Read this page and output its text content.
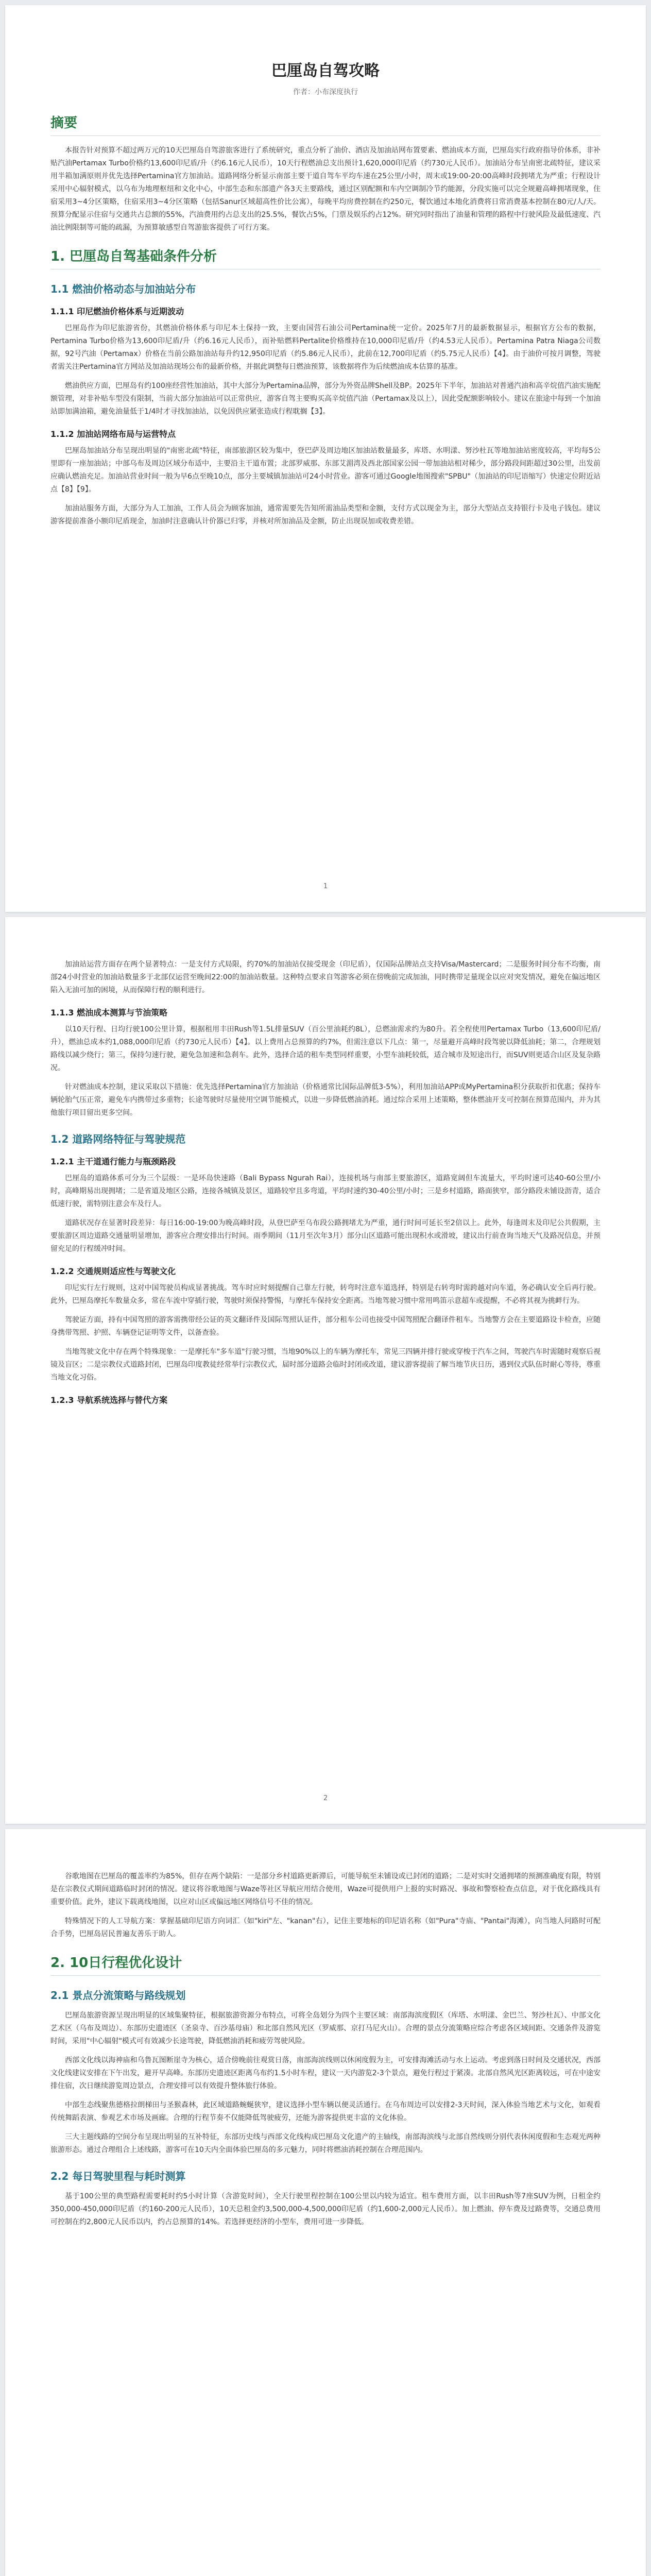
巴厘岛自驾攻略
作者：小布深度执行
摘要

本报告针对预算不超过两万元的10天巴厘岛自驾游旅客进行了系统研究，重点分析了油价、酒店及加油站网布置要素、燃油成本方面，巴厘岛实行政府指导价体系，非补贴汽油Pertamax Turbo价格约13,600印尼盾/升（约6.16元人民币），10天行程燃油总支出预计1,620,000印尼盾（约730元人民币）。加油站分布呈南密北疏特征，建议采用半箱加满原则并优先选择Pertamina官方加油站。道路网络分析显示南部主要干道自驾车平均车速在25公里/小时，周末或19:00-20:00高峰时段拥堵尤为严重；行程设计采用中心辐射模式，以乌布为地理枢纽和文化中心，中部生态和东部遗产各3天主要路线，通过区别配额和车内空调制冷节约能源，分段实施可以完全规避高峰拥堵现象，住宿采用3~4分区策略，住宿采用3~4分区策略（包括Sanur区域超高性价比公寓），每晚平均房费控制在约250元，餐饮通过本地化消费将日常消费基本控制在80元/人/天。预算分配显示住宿与交通共占总额的55%，汽油费用约占总支出的25.5%，餐饮占5%，门票及娱乐约占12%。研究同时指出了油量和管理的路程中行驶风险及最低速度、汽油比例限制等可能的疏漏，为预算敏感型自驾游旅客提供了可行方案。

1. 巴厘岛自驾基础条件分析
1.1 燃油价格动态与加油站分布
1.1.1 印尼燃油价格体系与近期波动

巴厘岛作为印尼旅游省份，其燃油价格体系与印尼本土保持一致，主要由国营石油公司Pertamina统一定价。2025年7月的最新数据显示，根据官方公布的数据，Pertamina Turbo价格为13,600印尼盾/升（约6.16元人民币），而补贴燃料Pertalite价格维持在10,000印尼盾/升（约4.53元人民币）。Pertamina Patra Niaga公司数据，92号汽油（Pertamax）价格在当前公路加油站每升约12,950印尼盾（约5.86元人民币），此前在12,700印尼盾（约5.75元人民币）【4】。由于油价可按月调整，驾驶者需关注Pertamina官方网站及加油站现场公布的最新价格，并据此调整每日燃油预算，该数据将作为后续燃油成本估算的基准。

燃油供应方面，巴厘岛有约100座经营性加油站，其中大部分为Pertamina品牌，部分为外资品牌Shell及BP。2025年下半年，加油站对普通汽油和高辛烷值汽油实施配额管理，对非补贴车型没有限制，当前大部分加油站可以正常供应，游客自驾主要购买高辛烷值汽油（Pertamax及以上），因此受配额影响较小。建议在旅途中每到一个加油站即加满油箱，避免油量低于1/4时才寻找加油站，以免因供应紧张造成行程耽搁【3】。

1.1.2 加油站网络布局与运营特点

巴厘岛加油站分布呈现出明显的"南密北疏"特征，南部旅游区较为集中，登巴萨及周边地区加油站数量最多，库塔、水明漾、努沙杜瓦等地加油站密度较高，平均每5公里即有一座加油站；中部乌布及周边区域分布适中，主要沿主干道布置；北部罗威那、东部艾湄湾及西北部国家公园一带加油站相对稀少，部分路段间距超过30公里，出发前应确认燃油充足。加油站营业时间一般为早6点至晚10点，部分主要城镇加油站可24小时营业。游客可通过Google地图搜索"SPBU"（加油站的印尼语缩写）快速定位附近站点【8】【9】。

加油站服务方面，大部分为人工加油，工作人员会为顾客加油，通常需要先告知所需油品类型和金额，支付方式以现金为主，部分大型站点支持银行卡及电子钱包。建议游客提前准备小额印尼盾现金，加油时注意确认计价器已归零，并核对所加油品及金额，防止出现误加或收费差错。

1

加油站运营方面存在两个显著特点：一是支付方式局限，约70%的加油站仅接受现金（印尼盾），仅国际品牌站点支持Visa/Mastercard；二是服务时间分布不均衡，南部24小时营业的加油站数量多于北部仅运营至晚间22:00的加油站数量。这种特点要求自驾游客必须在傍晚前完成加油，同时携带足量现金以应对突发情况，避免在偏远地区陷入无油可加的困境，从而保障行程的顺利进行。

1.1.3 燃油成本测算与节油策略

以10天行程、日均行驶100公里计算，根据租用丰田Rush等1.5L排量SUV（百公里油耗约8L），总燃油需求约为80升。若全程使用Pertamax Turbo（13,600印尼盾/升），燃油总成本约1,088,000印尼盾（约730元人民币）【4】。以上费用占总预算的约7%，但需注意以下几点：第一，尽量避开高峰时段驾驶以降低油耗；第二，合理规划路线以减少绕行；第三，保持匀速行驶，避免急加速和急刹车。此外，选择合适的租车类型同样重要，小型车油耗较低，适合城市及短途出行，而SUV则更适合山区及复杂路况。

针对燃油成本控制，建议采取以下措施：优先选择Pertamina官方加油站（价格通常比国际品牌低3-5%），利用加油站APP或MyPertamina积分获取折扣优惠；保持车辆轮胎气压正常，避免车内携带过多重物；长途驾驶时尽量使用空调节能模式，以进一步降低燃油消耗。通过综合采用上述策略，整体燃油开支可控制在预算范围内，并为其他旅行项目留出更多空间。

1.2 道路网络特征与驾驶规范
1.2.1 主干道通行能力与瓶颈路段

巴厘岛的道路体系可分为三个层级：一是环岛快速路（Bali Bypass Ngurah Rai），连接机场与南部主要旅游区，道路宽阔但车流量大，平均时速可达40-60公里/小时，高峰期易出现拥堵；二是省道及地区公路，连接各城镇及景区，道路较窄且多弯道，平均时速约30-40公里/小时；三是乡村道路，路面狭窄，部分路段未铺设沥青，适合低速行驶，需特别注意会车及行人。

道路状况存在显著时段差异：每日16:00-19:00为晚高峰时段，从登巴萨至乌布段公路拥堵尤为严重，通行时间可延长至2倍以上。此外，每逢周末及印尼公共假期，主要旅游区周边道路交通量明显增加，游客应合理安排出行时间。雨季期间（11月至次年3月）部分山区道路可能出现积水或滑坡，建议出行前查询当地天气及路况信息，并预留充足的行程缓冲时间。

1.2.2 交通规则适应性与驾驶文化

印尼实行左行规则，这对中国驾驶员构成显著挑战。驾车时应时刻提醒自己靠左行驶，转弯时注意车道选择，特别是右转弯时需跨越对向车道，务必确认安全后再行驶。此外，巴厘岛摩托车数量众多，常在车流中穿插行驶，驾驶时须保持警惕，与摩托车保持安全距离。当地驾驶习惯中常用鸣笛示意超车或提醒，不必将其视为挑衅行为。

驾驶证方面，持有中国驾照的游客需携带经公证的英文翻译件及国际驾照认证件，部分租车公司也接受中国驾照配合翻译件租车。当地警方会在主要道路设卡检查，应随身携带驾照、护照、车辆登记证明等文件，以备查验。

当地驾驶文化中存在两个特殊现象：一是摩托车"多车道"行驶习惯，当地90%以上的车辆为摩托车，常见三四辆并排行驶或穿梭于汽车之间，驾驶汽车时需随时观察后视镜及盲区；二是宗教仪式道路封闭，巴厘岛印度教徒经常举行宗教仪式，届时部分道路会临时封闭或改道，建议游客提前了解当地节庆日历，遇到仪式队伍时耐心等待，尊重当地文化习俗。

1.2.3 导航系统选择与替代方案
2

谷歌地图在巴厘岛的覆盖率约为85%，但存在两个缺陷：一是部分乡村道路更新滞后，可能导航至未铺设或已封闭的道路；二是对实时交通拥堵的预测准确度有限，特别是在宗教仪式期间道路临时封闭的情况。建议将谷歌地图与Waze等社区导航应用结合使用，Waze可提供用户上报的实时路况、事故和警察检查点信息，对于优化路线具有重要价值。此外，建议下载离线地图，以应对山区或偏远地区网络信号不佳的情况。

特殊情况下的人工导航方案：掌握基础印尼语方向词汇（如"kiri"左、"kanan"右），记住主要地标的印尼语名称（如"Pura"寺庙、"Pantai"海滩），向当地人问路时可配合手势，巴厘岛居民普遍友善乐于助人。

2. 10日行程优化设计
2.1 景点分流策略与路线规划

巴厘岛旅游资源呈现出明显的区域集聚特征，根据旅游资源分布特点，可将全岛划分为四个主要区域：南部海滨度假区（库塔、水明漾、金巴兰、努沙杜瓦）、中部文化艺术区（乌布及周边）、东部历史遗迹区（圣泉寺、百沙基母庙）和北部自然风光区（罗威那、京打马尼火山）。合理的景点分流策略应综合考虑各区域间距、交通条件及游览时间，采用"中心辐射"模式可有效减少长途驾驶，降低燃油消耗和疲劳驾驶风险。

西部文化线以海神庙和乌鲁瓦图断崖寺为核心，适合傍晚前往观赏日落，南部海滨线则以休闲度假为主，可安排海滩活动与水上运动。考虑到落日时间及交通状况，西部文化线建议安排在下午出发，避开早高峰。东部历史遗迹区距离乌布约1.5小时车程，建议一天内游览2-3个景点，避免行程过于紧凑。北部自然风光区距离较远，可在中途安排住宿，次日继续游览周边景点，合理安排可以有效提升整体旅行体验。

中部生态线聚焦德格拉朗梯田与圣猴森林，此区域道路蜿蜒狭窄，建议选择小型车辆以便灵活通行。在乌布周边可以安排2-3天时间，深入体验当地艺术与文化，如观看传统舞蹈表演、参观艺术市场及画廊。合理的行程节奏不仅能降低驾驶疲劳，还能为游客提供更丰富的文化体验。

三大主题线路的空间分布呈现出明显的互补特征，东部历史线与西部文化线构成巴厘岛文化遗产的主轴线，南部海滨线与北部自然线则分别代表休闲度假和生态观光两种旅游形态。通过合理组合上述线路，游客可在10天内全面体验巴厘岛的多元魅力，同时将燃油消耗控制在合理范围内。

2.2 每日驾驶里程与耗时测算

基于100公里的典型路程需要耗时约5小时计算（含游览时间），全天行驶里程控制在100公里以内较为适宜。租车费用方面，以丰田Rush等7座SUV为例，日租金约350,000-450,000印尼盾（约160-200元人民币），10天总租金约3,500,000-4,500,000印尼盾（约1,600-2,000元人民币）。加上燃油、停车费及过路费等，交通总费用可控制在约2,800元人民币以内，约占总预算的14%。若选择更经济的小型车，费用可进一步降低。
